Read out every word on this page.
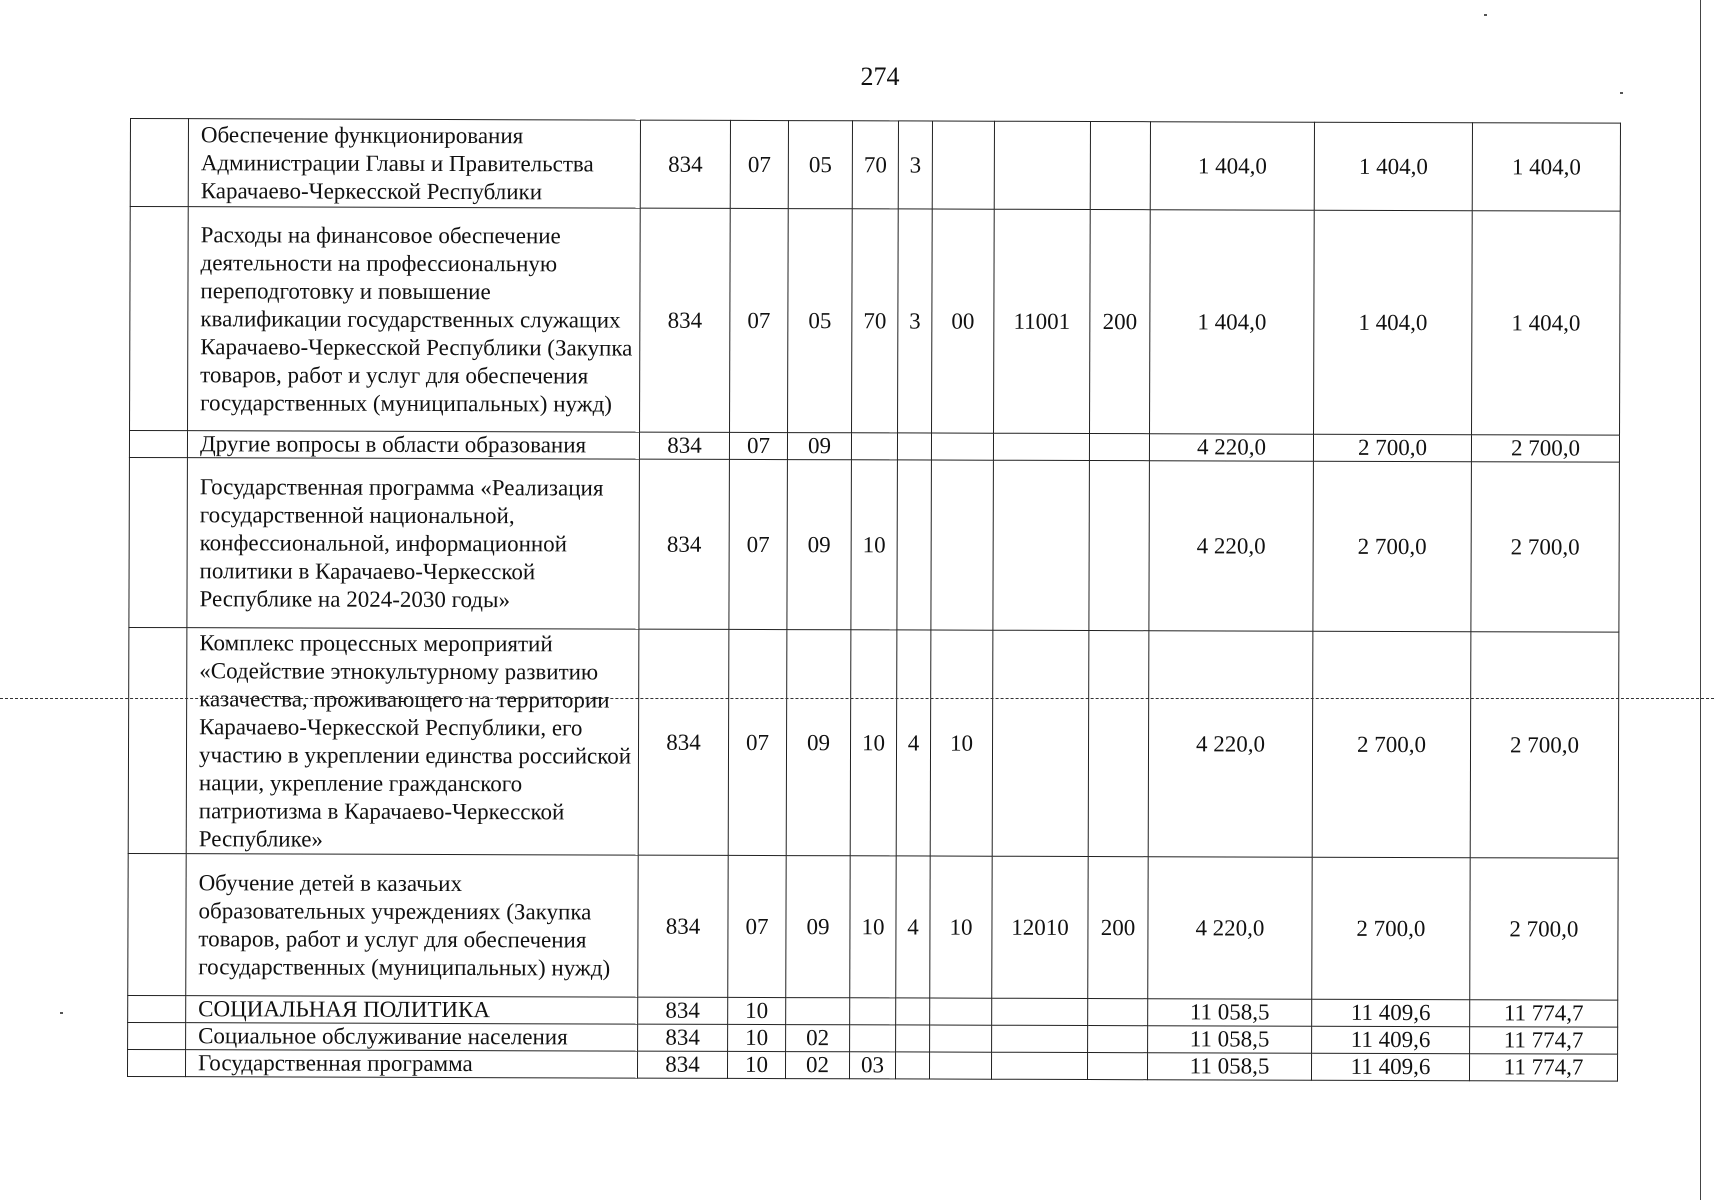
274
	Обеспечение функционирования Администрации Главы и Правительства Карачаево-Черкесской Республики	834	07	05	70	3				1 404,0	1 404,0	1 404,0
	Расходы на финансовое обеспечение деятельности на профессиональную переподготовку и повышение квалификации государственных служащих Карачаево-Черкесской Республики (Закупка товаров, работ и услуг для обеспечения государственных (муниципальных) нужд)	834	07	05	70	3	00	11001	200	1 404,0	1 404,0	1 404,0
	Другие вопросы в области образования	834	07	09						4 220,0	2 700,0	2 700,0
	Государственная программа «Реализация государственной национальной, конфессиональной, информационной политики в Карачаево-Черкесской Республике на 2024-2030 годы»	834	07	09	10					4 220,0	2 700,0	2 700,0
	Комплекс процессных мероприятий «Содействие этнокультурному развитию казачества, проживающего на территории Карачаево-Черкесской Республики, его участию в укреплении единства российской нации, укрепление гражданского патриотизма в Карачаево-Черкесской Республике»	834	07	09	10	4	10			4 220,0	2 700,0	2 700,0
	Обучение детей в казачьих образовательных учреждениях (Закупка товаров, работ и услуг для обеспечения государственных (муниципальных) нужд)	834	07	09	10	4	10	12010	200	4 220,0	2 700,0	2 700,0
	СОЦИАЛЬНАЯ ПОЛИТИКА	834	10							11 058,5	11 409,6	11 774,7
	Социальное обслуживание населения	834	10	02						11 058,5	11 409,6	11 774,7
	Государственная программа	834	10	02	03					11 058,5	11 409,6	11 774,7
